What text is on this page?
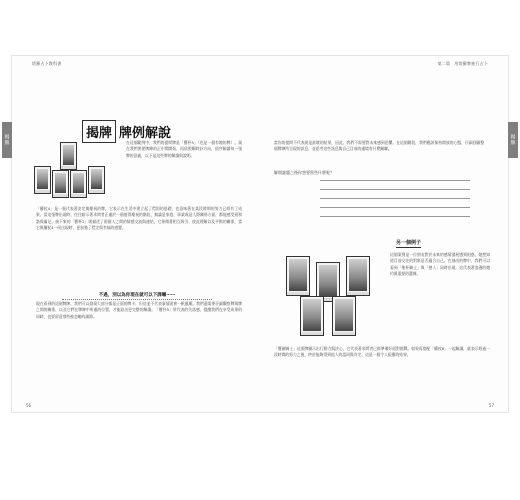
塔羅占卜教科書
揭牌	揭牌 牌例解說
在這個範例中，我們的提問牌是「寶杯5」（也是一個有趣的牌）。現在我們要從牌陣的正中間開始，再依照順時針方向，依序解讀每一張牌的意義，以下是這些牌的解讀與說明。
「權杖4」是一張代表著安定與慶祝的牌，它表示在生活中建立起了穩固的基礎，也意味著在某段時期的努力已經有了成果。當這張牌出現時，往往暗示著求問者正處於一個值得慶祝的階段，無論是家庭、事業或是人際關係方面，都能感受到和諧與滿足。接下來的「寶杯2」則描述了兩個人之間的情感交流與連結，它象徵著相互吸引、彼此理解以及平衡的關係，當它與權杖4一同出現時，更加強了穩定與幸福的感覺。
不過，別以為你現在就可以下課囉⋯⋯
現在看到的這個牌陣，我們可以發現大部分都是正面的牌卡，但這並不代表事情就會一帆風順。我們還需要仔細觀察牌與牌之間的關係，以及它們在牌陣中所處的位置，才能給出更完整的解讀。「寶杯5」所代表的失落感，提醒我們在享受成果的同時，也要留意那些被忽略的細節。
56
第二篇　用塔羅牌進行占卜
揭牌
當你的提問不代表就是最壞的結果，因此，我們不需要對未來感到恐懼。在這個階段，我們應該保持開放的心態，仔細回顧整個牌陣所呈現的訊息，並思考這些訊息與自己目前的處境有什麼關聯。
解開謎題之後你想要寫些什麼呢？
另一個例子
這個案例是一位朋友對於未來的感情發展感到困惑，她想知道目前交往的對象是否適合自己。在抽出的牌中，我們可以看到「聖杯騎士」與「戀人」同時出現，這代表著浪漫的邀約與重要的選擇。
「寶劍騎士」這張牌顯示出行動力與決心，它代表著求問者已經準備好面對挑戰。如果再搭配「權杖6」一起解讀，就表示經過一段時間的努力之後，終於能夠得到他人的認同與肯定，這是一個令人振奮的結果。
57
